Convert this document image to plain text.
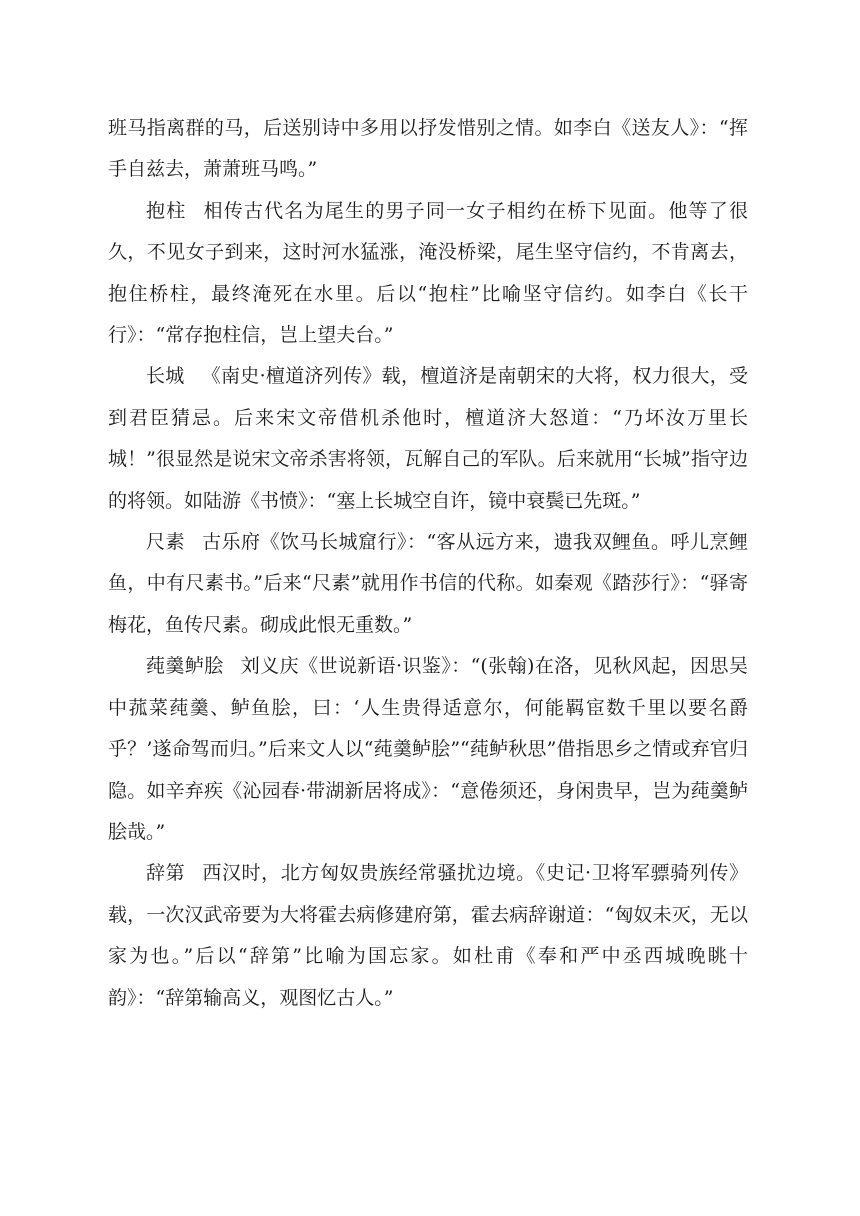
班马指离群的马，后送别诗中多用以抒发惜别之情。如李白《送友人》：“挥手自兹去，萧萧班马鸣。”

抱柱 相传古代名为尾生的男子同一女子相约在桥下见面。他等了很久，不见女子到来，这时河水猛涨，淹没桥梁，尾生坚守信约，不肯离去，抱住桥柱，最终淹死在水里。后以“抱柱”比喻坚守信约。如李白《长干行》：“常存抱柱信，岂上望夫台。”

长城 《南史·檀道济列传》载，檀道济是南朝宋的大将，权力很大，受到君臣猜忌。后来宋文帝借机杀他时，檀道济大怒道：“乃坏汝万里长城！”很显然是说宋文帝杀害将领，瓦解自己的军队。后来就用“长城”指守边的将领。如陆游《书愤》：“塞上长城空自许，镜中衰鬓已先斑。”

尺素 古乐府《饮马长城窟行》：“客从远方来，遗我双鲤鱼。呼儿烹鲤鱼，中有尺素书。”后来“尺素”就用作书信的代称。如秦观《踏莎行》：“驿寄梅花，鱼传尺素。砌成此恨无重数。”

莼羹鲈脍 刘义庆《世说新语·识鉴》：“(张翰)在洛，见秋风起，因思吴中菰菜莼羹、鲈鱼脍，曰：‘人生贵得适意尔，何能羁宦数千里以要名爵乎？’遂命驾而归。”后来文人以“莼羹鲈脍”“莼鲈秋思”借指思乡之情或弃官归隐。如辛弃疾《沁园春·带湖新居将成》：“意倦须还，身闲贵早，岂为莼羹鲈脍哉。”

辞第 西汉时，北方匈奴贵族经常骚扰边境。《史记·卫将军骠骑列传》载，一次汉武帝要为大将霍去病修建府第，霍去病辞谢道：“匈奴未灭，无以家为也。”后以“辞第”比喻为国忘家。如杜甫《奉和严中丞西城晚眺十韵》：“辞第输高义，观图忆古人。”
